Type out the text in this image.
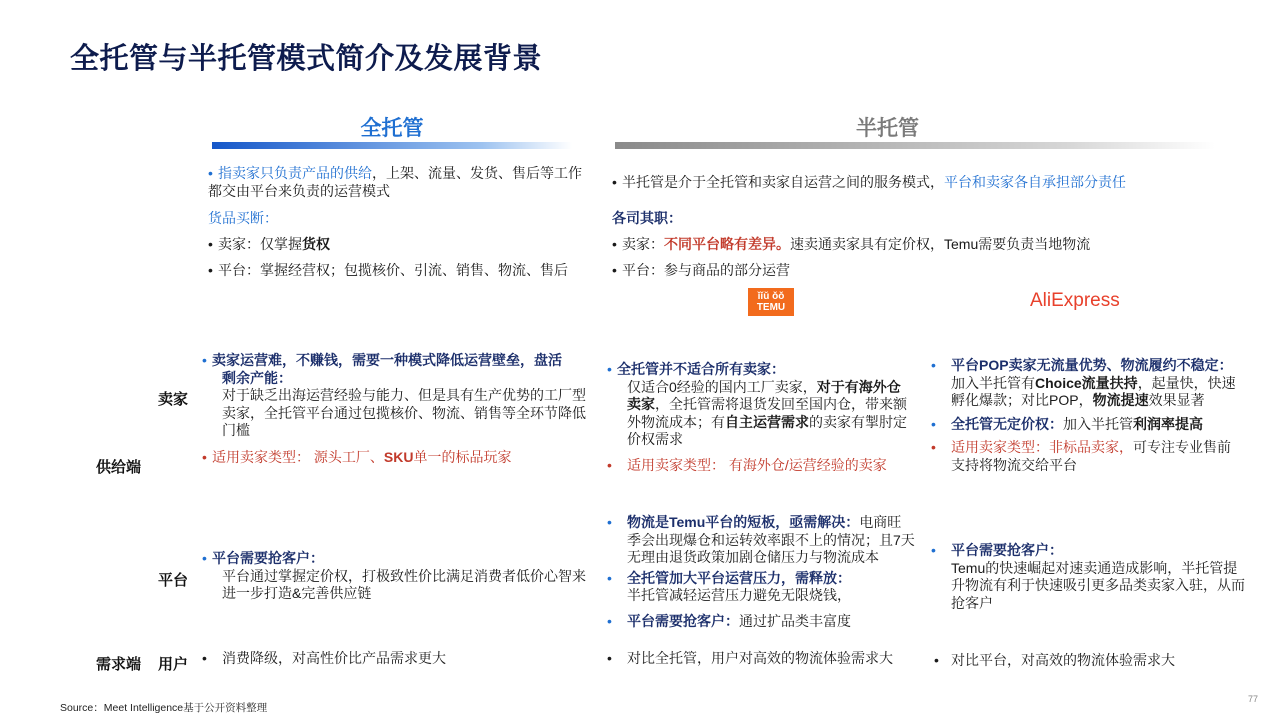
全托管与半托管模式简介及发展背景
全托管	半托管
供给端
卖家
平台
需求端 用户
• 指卖家只负责产品的供给，上架、流量、发货、售后等工作
都交由平台来负责的运营模式
货品买断：
• 卖家：仅掌握货权
• 平台：掌握经营权；包揽核价、引流、销售、物流、售后
• 半托管是介于全托管和卖家自运营之间的服务模式，平台和卖家各自承担部分责任
各司其职：
• 卖家：不同平台略有差异。速卖通卖家具有定价权，Temu需要负责当地物流
• 平台：参与商品的部分运营
ǐǐǔ ǒǒ
TEMU	AliExpress
• 卖家运营难，不赚钱，需要一种模式降低运营壁垒，盘活
剩余产能：
对于缺乏出海运营经验与能力、但是具有生产优势的工厂型
卖家，全托管平台通过包揽核价、物流、销售等全环节降低
门槛
• 适用卖家类型： 源头工厂、SKU单一的标品玩家
• 平台需要抢客户：
平台通过掌握定价权，打极致性价比满足消费者低价心智来
进一步打造&完善供应链
• 消费降级，对高性价比产品需求更大
• 全托管并不适合所有卖家：
仅适合0经验的国内工厂卖家，对于有海外仓
卖家，全托管需将退货发回至国内仓，带来额
外物流成本；有自主运营需求的卖家有掣肘定
价权需求
• 适用卖家类型： 有海外仓/运营经验的卖家
• 物流是Temu平台的短板，亟需解决：电商旺
季会出现爆仓和运转效率跟不上的情况；且7天
无理由退货政策加剧仓储压力与物流成本
• 全托管加大平台运营压力，需释放：
半托管减轻运营压力避免无限烧钱，
• 平台需要抢客户：通过扩品类丰富度
• 对比全托管，用户对高效的物流体验需求大
• 平台POP卖家无流量优势、物流履约不稳定：
加入半托管有Choice流量扶持，起量快，快速
孵化爆款；对比POP，物流提速效果显著
• 全托管无定价权：加入半托管利润率提高
• 适用卖家类型：非标品卖家，可专注专业售前
支持将物流交给平台
• 平台需要抢客户：
Temu的快速崛起对速卖通造成影响，半托管提
升物流有利于快速吸引更多品类卖家入驻，从而
抢客户
• 对比平台，对高效的物流体验需求大
Source：Meet Intelligence基于公开资料整理
77
